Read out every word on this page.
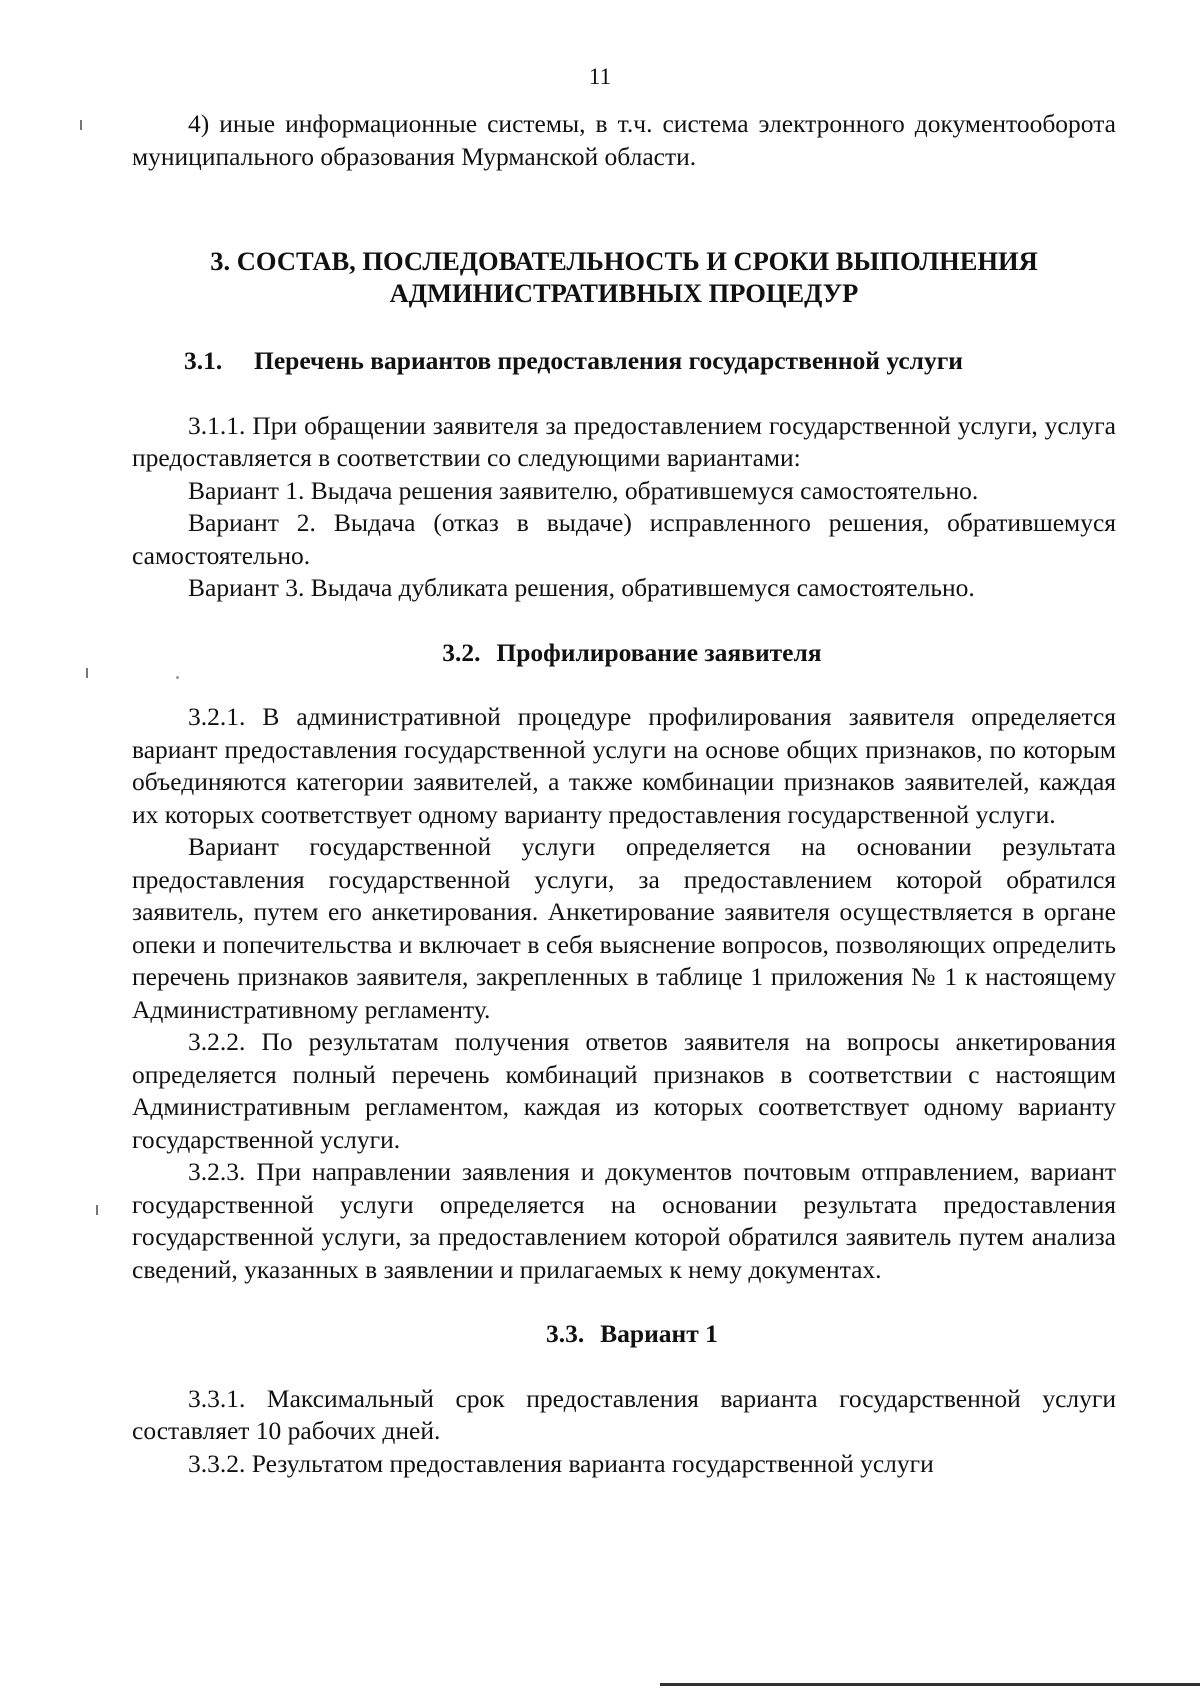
11

4) иные информационные системы, в т.ч. система электронного документооборота муниципального образования Мурманской области.

3. СОСТАВ, ПОСЛЕДОВАТЕЛЬНОСТЬ И СРОКИ ВЫПОЛНЕНИЯ
АДМИНИСТРАТИВНЫХ ПРОЦЕДУР
3.1. Перечень вариантов предоставления государственной услуги

3.1.1. При обращении заявителя за предоставлением государственной услуги, услуга предоставляется в соответствии со следующими вариантами:

Вариант 1. Выдача решения заявителю, обратившемуся самостоятельно.

Вариант 2. Выдача (отказ в выдаче) исправленного решения, обратившемуся самостоятельно.

Вариант 3. Выдача дубликата решения, обратившемуся самостоятельно.

3.2. Профилирование заявителя

3.2.1. В административной процедуре профилирования заявителя определяется вариант предоставления государственной услуги на основе общих признаков, по которым объединяются категории заявителей, а также комбинации признаков заявителей, каждая их которых соответствует одному варианту предоставления государственной услуги.

Вариант государственной услуги определяется на основании результата предоставления государственной услуги, за предоставлением которой обратился заявитель, путем его анкетирования. Анкетирование заявителя осуществляется в органе опеки и попечительства и включает в себя выяснение вопросов, позволяющих определить перечень признаков заявителя, закрепленных в таблице 1 приложения № 1 к настоящему Административному регламенту.

3.2.2. По результатам получения ответов заявителя на вопросы анкетирования определяется полный перечень комбинаций признаков в соответствии с настоящим Административным регламентом, каждая из которых соответствует одному варианту государственной услуги.

3.2.3. При направлении заявления и документов почтовым отправлением, вариант государственной услуги определяется на основании результата предоставления государственной услуги, за предоставлением которой обратился заявитель путем анализа сведений, указанных в заявлении и прилагаемых к нему документах.

3.3. Вариант 1

3.3.1. Максимальный срок предоставления варианта государственной услуги составляет 10 рабочих дней.

3.3.2. Результатом предоставления варианта государственной услуги
